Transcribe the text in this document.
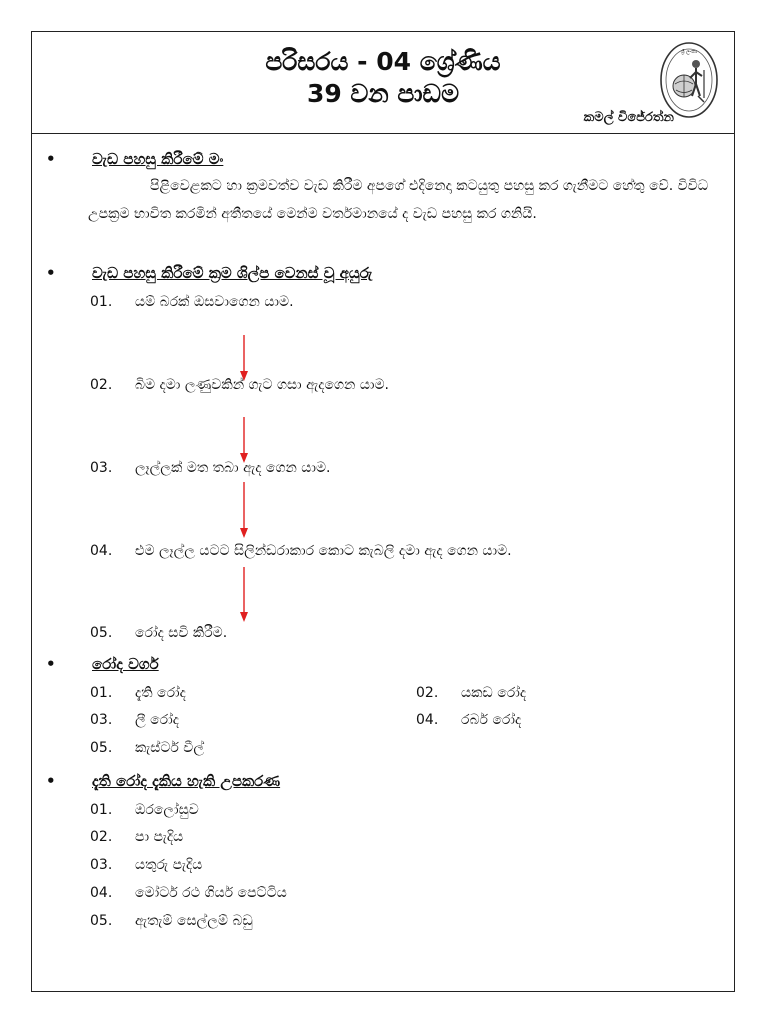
පරිසරය - 04 ශ්‍රේණිය
39 වන පාඩම
කමල් විජේරත්න
ශ්‍රී ලංකා
• වැඩ පහසු කිරීමේ මං
පිළිවෙළකට හා ක්‍රමවත්ව වැඩ කිරීම අපගේ එදිනෙදා කටයුතු පහසු කර ගැනීමට හේතු වේ. විවිධ උපක්‍රම භාවිත කරමින් අතීතයේ මෙන්ම වර්තමානයේ ද වැඩ පහසු කර ගනියි.
• වැඩ පහසු කිරීමේ ක්‍රම ශිල්ප වෙනස් වූ අයුරු
01. යම් බරක් ඔසවාගෙන යාම.
02. බිම දමා ලණුවකින් ගැට ගසා ඇදගෙන යාම.
03. ලෑල්ලක් මත තබා ඇද ගෙන යාම.
04. එම ලෑල්ල යටට සිලින්ඩරාකාර කොට කැබලි දමා ඇද ගෙන යාම.
05. රෝද සවි කිරීම.
• රෝද වර්ග
01. දැති රෝද	02. යකඩ රෝද
03. ලී රෝද	04. රබර් රෝද
05. කැස්ටර් වීල්
• දැති රෝද දැකිය හැකි උපකරණ
01. ඔරලෝසුව
02. පා පැදිය
03. යතුරු පැදිය
04. මෝටර් රථ ගියර් පෙට්ටිය
05. ඇතැම් සෙල්ලම් බඩු
